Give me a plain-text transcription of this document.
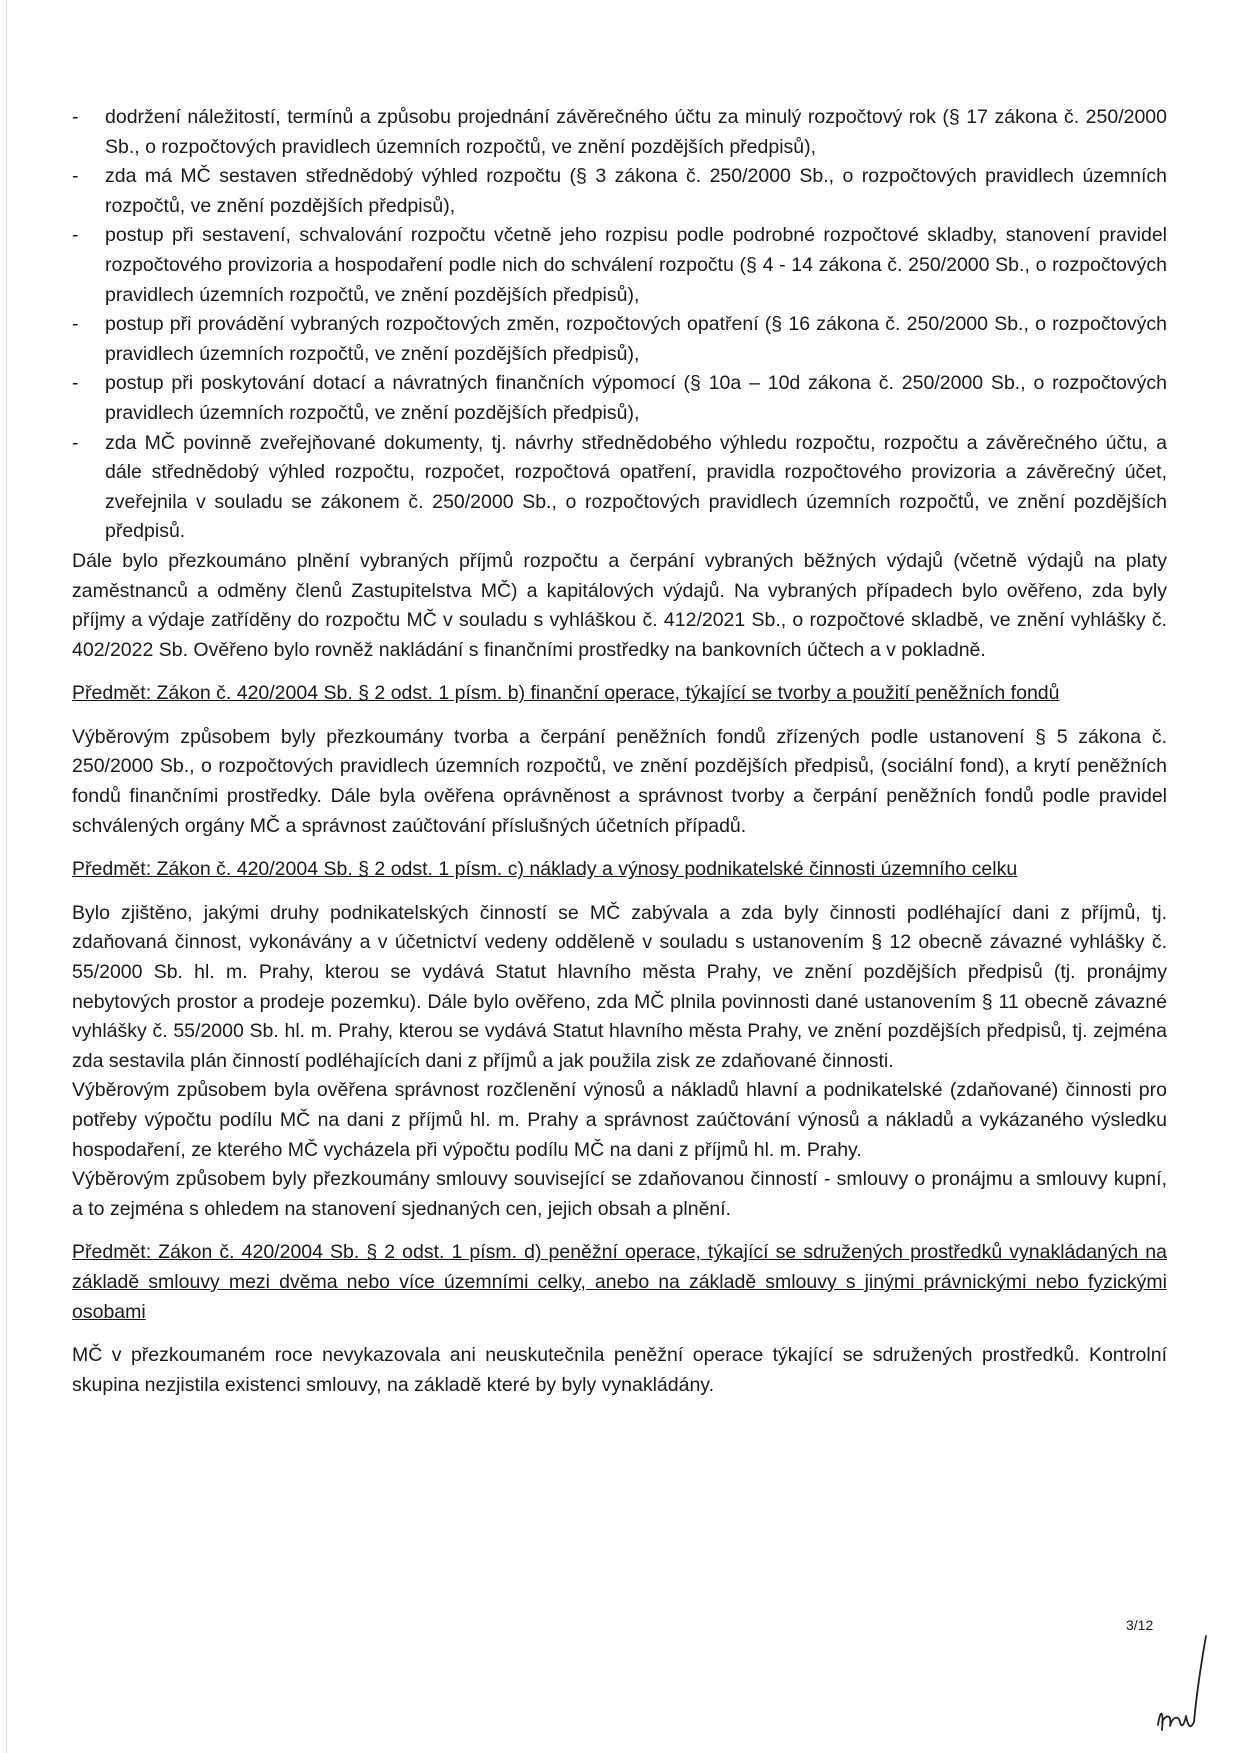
- dodržení náležitostí, termínů a způsobu projednání závěrečného účtu za minulý rozpočtový rok (§ 17 zákona č. 250/2000 Sb., o rozpočtových pravidlech územních rozpočtů, ve znění pozdějších předpisů),
- zda má MČ sestaven střednědobý výhled rozpočtu (§ 3 zákona č. 250/2000 Sb., o rozpočtových pravidlech územních rozpočtů, ve znění pozdějších předpisů),
- postup při sestavení, schvalování rozpočtu včetně jeho rozpisu podle podrobné rozpočtové skladby, stanovení pravidel rozpočtového provizoria a hospodaření podle nich do schválení rozpočtu (§ 4 - 14 zákona č. 250/2000 Sb., o rozpočtových pravidlech územních rozpočtů, ve znění pozdějších předpisů),
- postup při provádění vybraných rozpočtových změn, rozpočtových opatření (§ 16 zákona č. 250/2000 Sb., o rozpočtových pravidlech územních rozpočtů, ve znění pozdějších předpisů),
- postup při poskytování dotací a návratných finančních výpomocí (§ 10a – 10d zákona č. 250/2000 Sb., o rozpočtových pravidlech územních rozpočtů, ve znění pozdějších předpisů),
- zda MČ povinně zveřejňované dokumenty, tj. návrhy střednědobého výhledu rozpočtu, rozpočtu a závěrečného účtu, a dále střednědobý výhled rozpočtu, rozpočet, rozpočtová opatření, pravidla rozpočtového provizoria a závěrečný účet, zveřejnila v souladu se zákonem č. 250/2000 Sb., o rozpočtových pravidlech územních rozpočtů, ve znění pozdějších předpisů.

Dále bylo přezkoumáno plnění vybraných příjmů rozpočtu a čerpání vybraných běžných výdajů (včetně výdajů na platy zaměstnanců a odměny členů Zastupitelstva MČ) a kapitálových výdajů. Na vybraných případech bylo ověřeno, zda byly příjmy a výdaje zatříděny do rozpočtu MČ v souladu s vyhláškou č. 412/2021 Sb., o rozpočtové skladbě, ve znění vyhlášky č. 402/2022 Sb. Ověřeno bylo rovněž nakládání s finančními prostředky na bankovních účtech a v pokladně.

Předmět: Zákon č. 420/2004 Sb. § 2 odst. 1 písm. b) finanční operace, týkající se tvorby a použití peněžních fondů

Výběrovým způsobem byly přezkoumány tvorba a čerpání peněžních fondů zřízených podle ustanovení § 5 zákona č. 250/2000 Sb., o rozpočtových pravidlech územních rozpočtů, ve znění pozdějších předpisů, (sociální fond), a krytí peněžních fondů finančními prostředky. Dále byla ověřena oprávněnost a správnost tvorby a čerpání peněžních fondů podle pravidel schválených orgány MČ a správnost zaúčtování příslušných účetních případů.

Předmět: Zákon č. 420/2004 Sb. § 2 odst. 1 písm. c) náklady a výnosy podnikatelské činnosti územního celku

Bylo zjištěno, jakými druhy podnikatelských činností se MČ zabývala a zda byly činnosti podléhající dani z příjmů, tj. zdaňovaná činnost, vykonávány a v účetnictví vedeny odděleně v souladu s ustanovením § 12 obecně závazné vyhlášky č. 55/2000 Sb. hl. m. Prahy, kterou se vydává Statut hlavního města Prahy, ve znění pozdějších předpisů (tj. pronájmy nebytových prostor a prodeje pozemku). Dále bylo ověřeno, zda MČ plnila povinnosti dané ustanovením § 11 obecně závazné vyhlášky č. 55/2000 Sb. hl. m. Prahy, kterou se vydává Statut hlavního města Prahy, ve znění pozdějších předpisů, tj. zejména zda sestavila plán činností podléhajících dani z příjmů a jak použila zisk ze zdaňované činnosti.

Výběrovým způsobem byla ověřena správnost rozčlenění výnosů a nákladů hlavní a podnikatelské (zdaňované) činnosti pro potřeby výpočtu podílu MČ na dani z příjmů hl. m. Prahy a správnost zaúčtování výnosů a nákladů a vykázaného výsledku hospodaření, ze kterého MČ vycházela při výpočtu podílu MČ na dani z příjmů hl. m. Prahy.

Výběrovým způsobem byly přezkoumány smlouvy související se zdaňovanou činností - smlouvy o pronájmu a smlouvy kupní, a to zejména s ohledem na stanovení sjednaných cen, jejich obsah a plnění.

Předmět: Zákon č. 420/2004 Sb. § 2 odst. 1 písm. d) peněžní operace, týkající se sdružených prostředků vynakládaných na základě smlouvy mezi dvěma nebo více územními celky, anebo na základě smlouvy s jinými právnickými nebo fyzickými osobami

MČ v přezkoumaném roce nevykazovala ani neuskutečnila peněžní operace týkající se sdružených prostředků. Kontrolní skupina nezjistila existenci smlouvy, na základě které by byly vynakládány.

3/12
